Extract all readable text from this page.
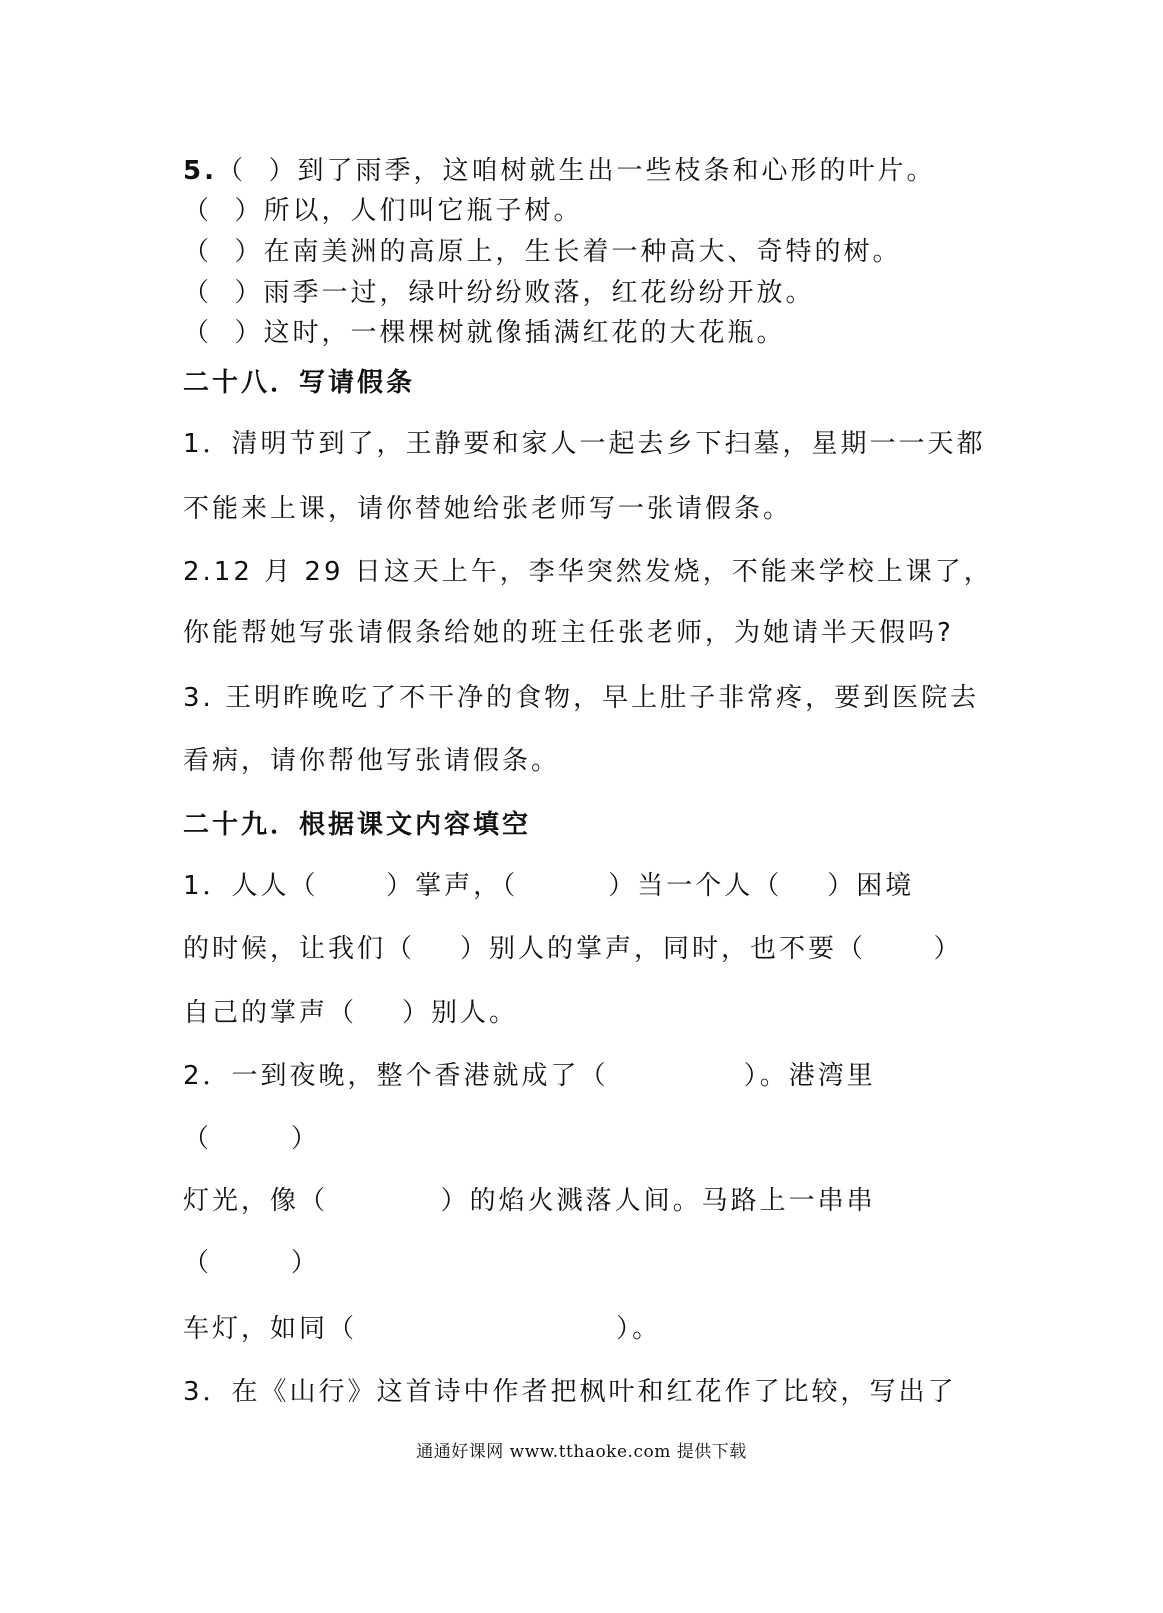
5.（  ）到了雨季，这咱树就生出一些枝条和心形的叶片。

（  ）所以，人们叫它瓶子树。

（  ）在南美洲的高原上，生长着一种高大、奇特的树。

（  ）雨季一过，绿叶纷纷败落，红花纷纷开放。

（  ）这时，一棵棵树就像插满红花的大花瓶。

二十八．写请假条

1．清明节到了，王静要和家人一起去乡下扫墓，星期一一天都

不能来上课，请你替她给张老师写一张请假条。

2.12 月 29 日这天上午，李华突然发烧，不能来学校上课了，

你能帮她写张请假条给她的班主任张老师，为她请半天假吗?

3. 王明昨晚吃了不干净的食物，早上肚子非常疼，要到医院去

看病，请你帮他写张请假条。

二十九．根据课文内容填空

1．人人（      ）掌声，（        ）当一个人（    ）困境

的时候，让我们（    ）别人的掌声，同时，也不要（      ）

自己的掌声（    ）别人。

2．一到夜晚，整个香港就成了（            ）。港湾里

（       ）

灯光，像（          ）的焰火溅落人间。马路上一串串

（       ）

车灯，如同（                       ）。

3．在《山行》这首诗中作者把枫叶和红花作了比较，写出了

通通好课网 www.tthaoke.com 提供下载
